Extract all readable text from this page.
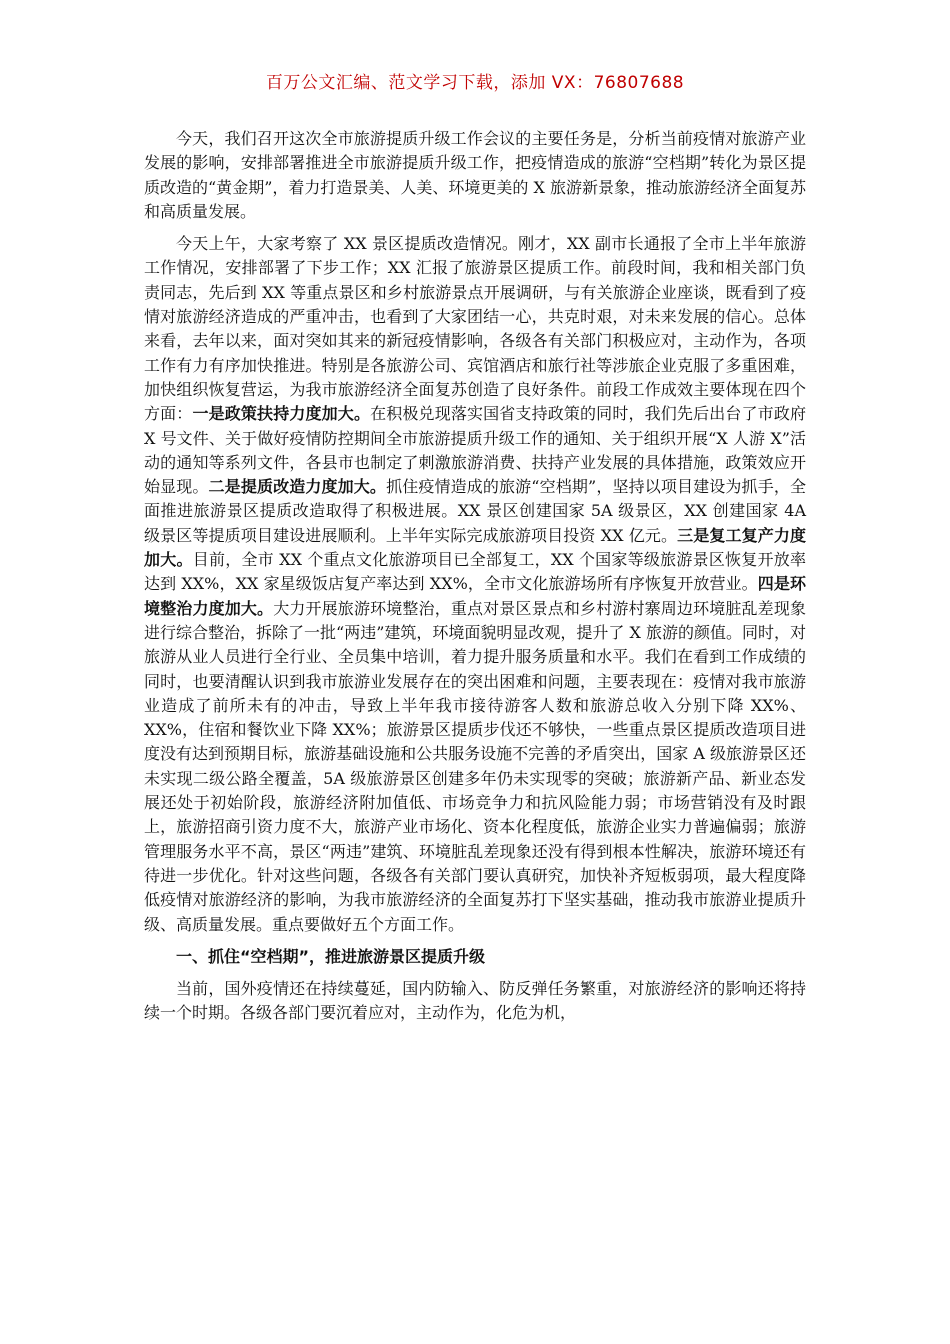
百万公文汇编、范文学习下载，添加 VX：76807688

今天，我们召开这次全市旅游提质升级工作会议的主要任务是，分析当前疫情对旅游产业发展的影响，安排部署推进全市旅游提质升级工作，把疫情造成的旅游“空档期”转化为景区提质改造的“黄金期”，着力打造景美、人美、环境更美的 X 旅游新景象，推动旅游经济全面复苏和高质量发展。

今天上午，大家考察了 XX 景区提质改造情况。刚才，XX 副市长通报了全市上半年旅游工作情况，安排部署了下步工作；XX 汇报了旅游景区提质工作。前段时间，我和相关部门负责同志，先后到 XX 等重点景区和乡村旅游景点开展调研，与有关旅游企业座谈，既看到了疫情对旅游经济造成的严重冲击，也看到了大家团结一心，共克时艰，对未来发展的信心。总体来看，去年以来，面对突如其来的新冠疫情影响，各级各有关部门积极应对，主动作为，各项工作有力有序加快推进。特别是各旅游公司、宾馆酒店和旅行社等涉旅企业克服了多重困难，加快组织恢复营运，为我市旅游经济全面复苏创造了良好条件。前段工作成效主要体现在四个方面：一是政策扶持力度加大。在积极兑现落实国省支持政策的同时，我们先后出台了市政府 X 号文件、关于做好疫情防控期间全市旅游提质升级工作的通知、关于组织开展“X 人游 X”活动的通知等系列文件，各县市也制定了刺激旅游消费、扶持产业发展的具体措施，政策效应开始显现。二是提质改造力度加大。抓住疫情造成的旅游“空档期”，坚持以项目建设为抓手，全面推进旅游景区提质改造取得了积极进展。XX 景区创建国家 5A 级景区，XX 创建国家 4A 级景区等提质项目建设进展顺利。上半年实际完成旅游项目投资 XX 亿元。三是复工复产力度加大。目前，全市 XX 个重点文化旅游项目已全部复工，XX 个国家等级旅游景区恢复开放率达到 XX%，XX 家星级饭店复产率达到 XX%，全市文化旅游场所有序恢复开放营业。四是环境整治力度加大。大力开展旅游环境整治，重点对景区景点和乡村游村寨周边环境脏乱差现象进行综合整治，拆除了一批“两违”建筑，环境面貌明显改观，提升了 X 旅游的颜值。同时，对旅游从业人员进行全行业、全员集中培训，着力提升服务质量和水平。我们在看到工作成绩的同时，也要清醒认识到我市旅游业发展存在的突出困难和问题，主要表现在：疫情对我市旅游业造成了前所未有的冲击，导致上半年我市接待游客人数和旅游总收入分别下降 XX%、XX%，住宿和餐饮业下降 XX%；旅游景区提质步伐还不够快，一些重点景区提质改造项目进度没有达到预期目标，旅游基础设施和公共服务设施不完善的矛盾突出，国家 A 级旅游景区还未实现二级公路全覆盖，5A 级旅游景区创建多年仍未实现零的突破；旅游新产品、新业态发展还处于初始阶段，旅游经济附加值低、市场竞争力和抗风险能力弱；市场营销没有及时跟上，旅游招商引资力度不大，旅游产业市场化、资本化程度低，旅游企业实力普遍偏弱；旅游管理服务水平不高，景区“两违”建筑、环境脏乱差现象还没有得到根本性解决，旅游环境还有待进一步优化。针对这些问题，各级各有关部门要认真研究，加快补齐短板弱项，最大程度降低疫情对旅游经济的影响，为我市旅游经济的全面复苏打下坚实基础，推动我市旅游业提质升级、高质量发展。重点要做好五个方面工作。

一、抓住“空档期”，推进旅游景区提质升级

当前，国外疫情还在持续蔓延，国内防输入、防反弹任务繁重，对旅游经济的影响还将持续一个时期。各级各部门要沉着应对，主动作为，化危为机，
